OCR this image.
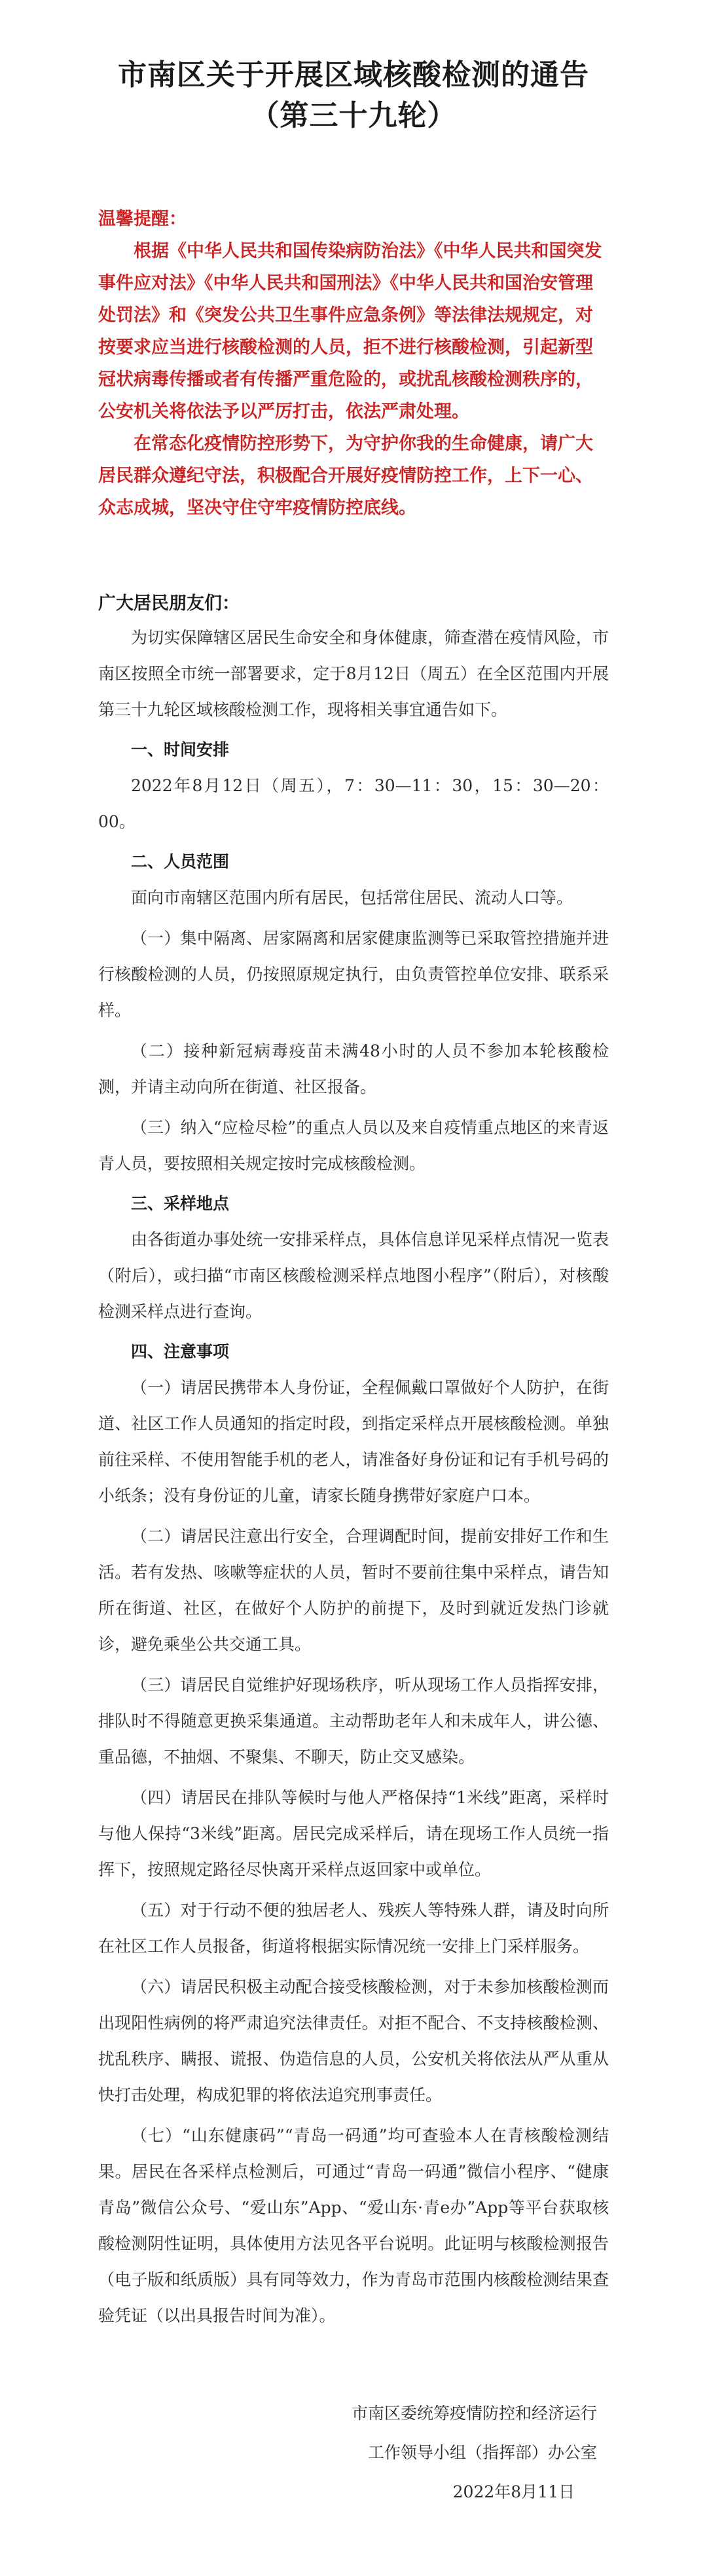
市南区关于开展区域核酸检测的通告
（第三十九轮）

温馨提醒：

根据《中华人民共和国传染病防治法》《中华人民共和国突发事件应对法》《中华人民共和国刑法》《中华人民共和国治安管理处罚法》和《突发公共卫生事件应急条例》等法律法规规定，对按要求应当进行核酸检测的人员，拒不进行核酸检测，引起新型冠状病毒传播或者有传播严重危险的，或扰乱核酸检测秩序的，公安机关将依法予以严厉打击，依法严肃处理。

在常态化疫情防控形势下，为守护你我的生命健康，请广大居民群众遵纪守法，积极配合开展好疫情防控工作，上下一心、众志成城，坚决守住守牢疫情防控底线。

广大居民朋友们：

为切实保障辖区居民生命安全和身体健康，筛查潜在疫情风险，市南区按照全市统一部署要求，定于8月12日（周五）在全区范围内开展第三十九轮区域核酸检测工作，现将相关事宜通告如下。

一、时间安排

2022年8月12日（周五），7：30—11：30，15：30—20：00。

二、人员范围

面向市南辖区范围内所有居民，包括常住居民、流动人口等。

（一）集中隔离、居家隔离和居家健康监测等已采取管控措施并进行核酸检测的人员，仍按照原规定执行，由负责管控单位安排、联系采样。

（二）接种新冠病毒疫苗未满48小时的人员不参加本轮核酸检测，并请主动向所在街道、社区报备。

（三）纳入“应检尽检”的重点人员以及来自疫情重点地区的来青返青人员，要按照相关规定按时完成核酸检测。

三、采样地点

由各街道办事处统一安排采样点，具体信息详见采样点情况一览表（附后），或扫描“市南区核酸检测采样点地图小程序”（附后），对核酸检测采样点进行查询。

四、注意事项

（一）请居民携带本人身份证，全程佩戴口罩做好个人防护，在街道、社区工作人员通知的指定时段，到指定采样点开展核酸检测。单独前往采样、不使用智能手机的老人，请准备好身份证和记有手机号码的小纸条；没有身份证的儿童，请家长随身携带好家庭户口本。

（二）请居民注意出行安全，合理调配时间，提前安排好工作和生活。若有发热、咳嗽等症状的人员，暂时不要前往集中采样点，请告知所在街道、社区，在做好个人防护的前提下，及时到就近发热门诊就诊，避免乘坐公共交通工具。

（三）请居民自觉维护好现场秩序，听从现场工作人员指挥安排，排队时不得随意更换采集通道。主动帮助老年人和未成年人，讲公德、重品德，不抽烟、不聚集、不聊天，防止交叉感染。

（四）请居民在排队等候时与他人严格保持“1米线”距离，采样时与他人保持“3米线”距离。居民完成采样后，请在现场工作人员统一指挥下，按照规定路径尽快离开采样点返回家中或单位。

（五）对于行动不便的独居老人、残疾人等特殊人群，请及时向所在社区工作人员报备，街道将根据实际情况统一安排上门采样服务。

（六）请居民积极主动配合接受核酸检测，对于未参加核酸检测而出现阳性病例的将严肃追究法律责任。对拒不配合、不支持核酸检测、扰乱秩序、瞒报、谎报、伪造信息的人员，公安机关将依法从严从重从快打击处理，构成犯罪的将依法追究刑事责任。

（七）“山东健康码”“青岛一码通”均可查验本人在青核酸检测结果。居民在各采样点检测后，可通过“青岛一码通”微信小程序、“健康青岛”微信公众号、“爱山东”App、“爱山东·青e办”App等平台获取核酸检测阴性证明，具体使用方法见各平台说明。此证明与核酸检测报告（电子版和纸质版）具有同等效力，作为青岛市范围内核酸检测结果查验凭证（以出具报告时间为准）。

市南区委统筹疫情防控和经济运行
工作领导小组（指挥部）办公室
2022年8月11日
